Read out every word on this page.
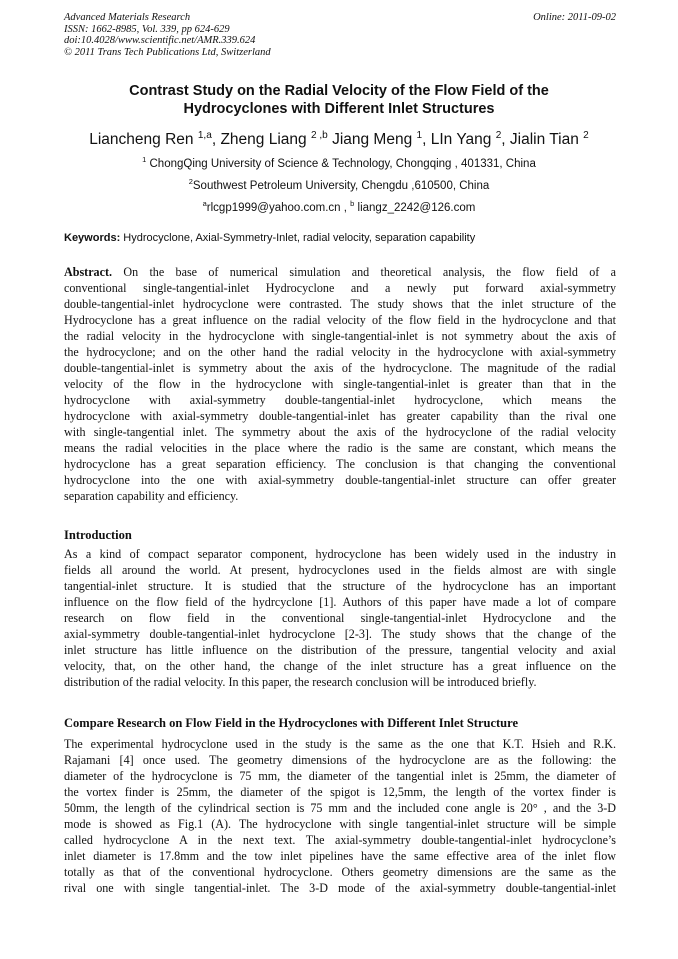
Advanced Materials Research
ISSN: 1662-8985, Vol. 339, pp 624-629
doi:10.4028/www.scientific.net/AMR.339.624
© 2011 Trans Tech Publications Ltd, Switzerland
Online: 2011-09-02
Contrast Study on the Radial Velocity of the Flow Field of the
Hydrocyclones with Different Inlet Structures
Liancheng Ren $^{1,a}$, Zheng Liang $^{2 ,b}$ Jiang Meng $^1$, LIn Yang $^2$, Jialin Tian $^2$
$^1$ ChongQing University of Science & Technology, Chongqing , 401331, China
$^2$Southwest Petroleum University, Chengdu ,610500, China
$^a$rlcgp1999@yahoo.com.cn , $^b$ liangz_2242@126.com
Keywords: Hydrocyclone, Axial-Symmetry-Inlet, radial velocity, separation capability
Abstract. On the base of numerical simulation and theoretical analysis, the flow field of a
conventional single-tangential-inlet Hydrocyclone and a newly put forward axial-symmetry
double-tangential-inlet hydrocyclone were contrasted. The study shows that the inlet structure of the
Hydrocyclone has a great influence on the radial velocity of the flow field in the hydrocyclone and that
the radial velocity in the hydrocyclone with single-tangential-inlet is not symmetry about the axis of
the hydrocyclone; and on the other hand the radial velocity in the hydrocyclone with axial-symmetry
double-tangential-inlet is symmetry about the axis of the hydrocyclone. The magnitude of the radial
velocity of the flow in the hydrocyclone with single-tangential-inlet is greater than that in the
hydrocyclone with axial-symmetry double-tangential-inlet hydrocyclone, which means the
hydrocyclone with axial-symmetry double-tangential-inlet has greater capability than the rival one
with single-tangential inlet. The symmetry about the axis of the hydrocyclone of the radial velocity
means the radial velocities in the place where the radio is the same are constant, which means the
hydrocyclone has a great separation efficiency. The conclusion is that changing the conventional
hydrocyclone into the one with axial-symmetry double-tangential-inlet structure can offer greater
separation capability and efficiency.
Introduction
As a kind of compact separator component, hydrocyclone has been widely used in the industry in
fields all around the world. At present, hydrocyclones used in the fields almost are with single
tangential-inlet structure. It is studied that the structure of the hydrocyclone has an important
influence on the flow field of the hydrcyclone [1]. Authors of this paper have made a lot of compare
research on flow field in the conventional single-tangential-inlet Hydrocyclone and the
axial-symmetry double-tangential-inlet hydrocyclone [2-3]. The study shows that the change of the
inlet structure has little influence on the distribution of the pressure, tangential velocity and axial
velocity, that, on the other hand, the change of the inlet structure has a great influence on the
distribution of the radial velocity. In this paper, the research conclusion will be introduced briefly.
Compare Research on Flow Field in the Hydrocyclones with Different Inlet Structure
The experimental hydrocyclone used in the study is the same as the one that K.T. Hsieh and R.K.
Rajamani [4] once used. The geometry dimensions of the hydrocyclone are as the following: the
diameter of the hydrocyclone is 75 mm, the diameter of the tangential inlet is 25mm, the diameter of
the vortex finder is 25mm, the diameter of the spigot is 12,5mm, the length of the vortex finder is
50mm, the length of the cylindrical section is 75 mm and the included cone angle is 20° , and the 3-D
mode is showed as Fig.1 (A). The hydrocyclone with single tangential-inlet structure will be simple
called hydrocyclone A in the next text. The axial-symmetry double-tangential-inlet hydrocyclone’s
inlet diameter is 17.8mm and the tow inlet pipelines have the same effective area of the inlet flow
totally as that of the conventional hydrocyclone. Others geometry dimensions are the same as the
rival one with single tangential-inlet. The 3-D mode of the axial-symmetry double-tangential-inlet
